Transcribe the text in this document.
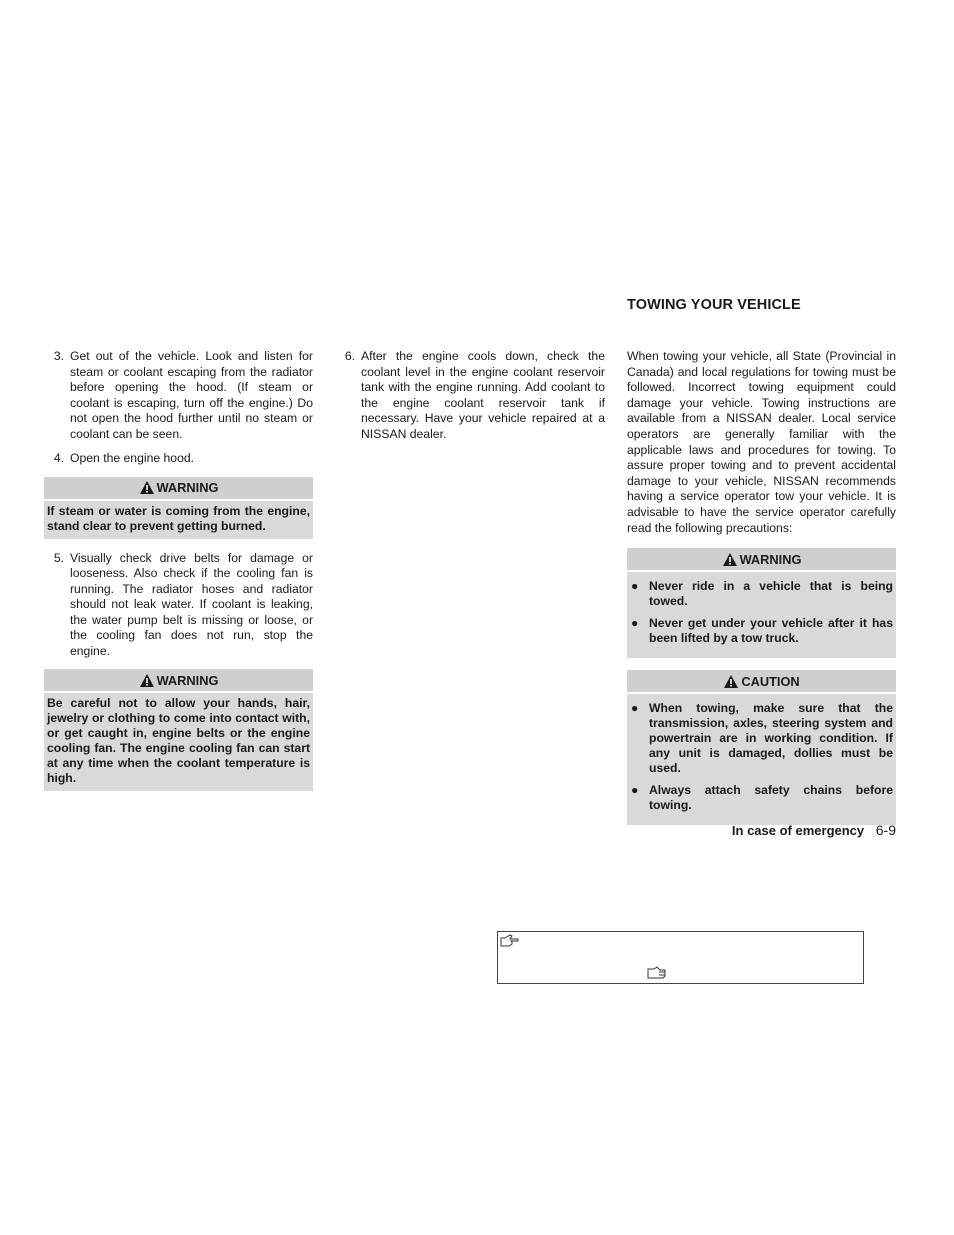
3. Get out of the vehicle. Look and listen for steam or coolant escaping from the radiator before opening the hood. (If steam or coolant is escaping, turn off the engine.) Do not open the hood further until no steam or coolant can be seen.
4. Open the engine hood.
WARNING
If steam or water is coming from the engine, stand clear to prevent getting burned.
5. Visually check drive belts for damage or looseness. Also check if the cooling fan is running. The radiator hoses and radiator should not leak water. If coolant is leaking, the water pump belt is missing or loose, or the cooling fan does not run, stop the engine.
WARNING
Be careful not to allow your hands, hair, jewelry or clothing to come into contact with, or get caught in, engine belts or the engine cooling fan. The engine cooling fan can start at any time when the coolant temperature is high.
6. After the engine cools down, check the coolant level in the engine coolant reservoir tank with the engine running. Add coolant to the engine coolant reservoir tank if necessary. Have your vehicle repaired at a NISSAN dealer.
TOWING YOUR VEHICLE

When towing your vehicle, all State (Provincial in Canada) and local regulations for towing must be followed. Incorrect towing equipment could damage your vehicle. Towing instructions are available from a NISSAN dealer. Local service operators are generally familiar with the applicable laws and procedures for towing. To assure proper towing and to prevent accidental damage to your vehicle, NISSAN recommends having a service operator tow your vehicle. It is advisable to have the service operator carefully read the following precautions:

WARNING
● Never ride in a vehicle that is being towed.
● Never get under your vehicle after it has been lifted by a tow truck.
CAUTION
● When towing, make sure that the transmission, axles, steering system and powertrain are in working condition. If any unit is damaged, dollies must be used.
● Always attach safety chains before towing.
In case of emergency 6-9
